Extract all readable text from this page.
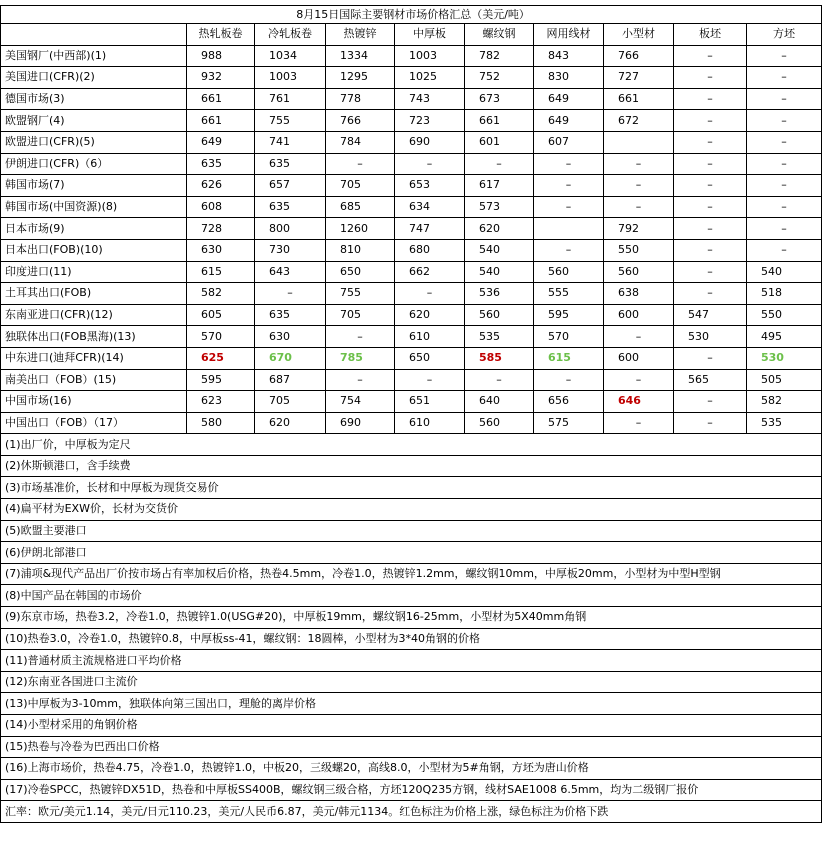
8月15日国际主要钢材市场价格汇总（美元/吨）									
	热轧板卷	冷轧板卷	热镀锌	中厚板	螺纹钢	网用线材	小型材	板坯	方坯
美国钢厂(中西部)(1)	988	1034	1334	1003	782	843	766	–	–
美国进口(CFR)(2)	932	1003	1295	1025	752	830	727	–	–
德国市场(3)	661	761	778	743	673	649	661	–	–
欧盟钢厂(4)	661	755	766	723	661	649	672	–	–
欧盟进口(CFR)(5)	649	741	784	690	601	607		–	–
伊朗进口(CFR)（6）	635	635	–	–	–	–	–	–	–
韩国市场(7)	626	657	705	653	617	–	–	–	–
韩国市场(中国资源)(8)	608	635	685	634	573	–	–	–	–
日本市场(9)	728	800	1260	747	620		792	–	–
日本出口(FOB)(10)	630	730	810	680	540	–	550	–	–
印度进口(11)	615	643	650	662	540	560	560	–	540
土耳其出口(FOB)	582	–	755	–	536	555	638	–	518
东南亚进口(CFR)(12)	605	635	705	620	560	595	600	547	550
独联体出口(FOB黑海)(13)	570	630	–	610	535	570	–	530	495
中东进口(迪拜CFR)(14)	625	670	785	650	585	615	600	–	530
南美出口（FOB）(15)	595	687	–	–	–	–	–	565	505
中国市场(16)	623	705	754	651	640	656	646	–	582
中国出口（FOB）（17）	580	620	690	610	560	575	–	–	535
(1)出厂价，中厚板为定尺									
(2)休斯顿港口，含手续费									
(3)市场基准价，长材和中厚板为现货交易价									
(4)扁平材为EXW价，长材为交货价									
(5)欧盟主要港口									
(6)伊朗北部港口									
(7)浦项&现代产品出厂价按市场占有率加权后价格，热卷4.5mm，冷卷1.0，热镀锌1.2mm，螺纹钢10mm，中厚板20mm，小型材为中型H型钢									
(8)中国产品在韩国的市场价									
(9)东京市场，热卷3.2，冷卷1.0，热镀锌1.0(USG#20)，中厚板19mm，螺纹钢16-25mm，小型材为5X40mm角钢									
(10)热卷3.0，冷卷1.0，热镀锌0.8，中厚板ss-41，螺纹钢：18圆棒，小型材为3*40角钢的价格									
(11)普通材质主流规格进口平均价格									
(12)东南亚各国进口主流价									
(13)中厚板为3-10mm，独联体向第三国出口，理舱的离岸价格									
(14)小型材采用的角钢价格									
(15)热卷与冷卷为巴西出口价格									
(16)上海市场价，热卷4.75，冷卷1.0，热镀锌1.0，中板20，三级螺20，高线8.0，小型材为5#角钢，方坯为唐山价格									
(17)冷卷SPCC，热镀锌DX51D，热卷和中厚板SS400B，螺纹钢三级合格，方坯120Q235方钢，线材SAE1008 6.5mm，均为二级钢厂报价									
汇率：欧元/美元1.14，美元/日元110.23，美元/人民币6.87，美元/韩元1134。红色标注为价格上涨，绿色标注为价格下跌									
